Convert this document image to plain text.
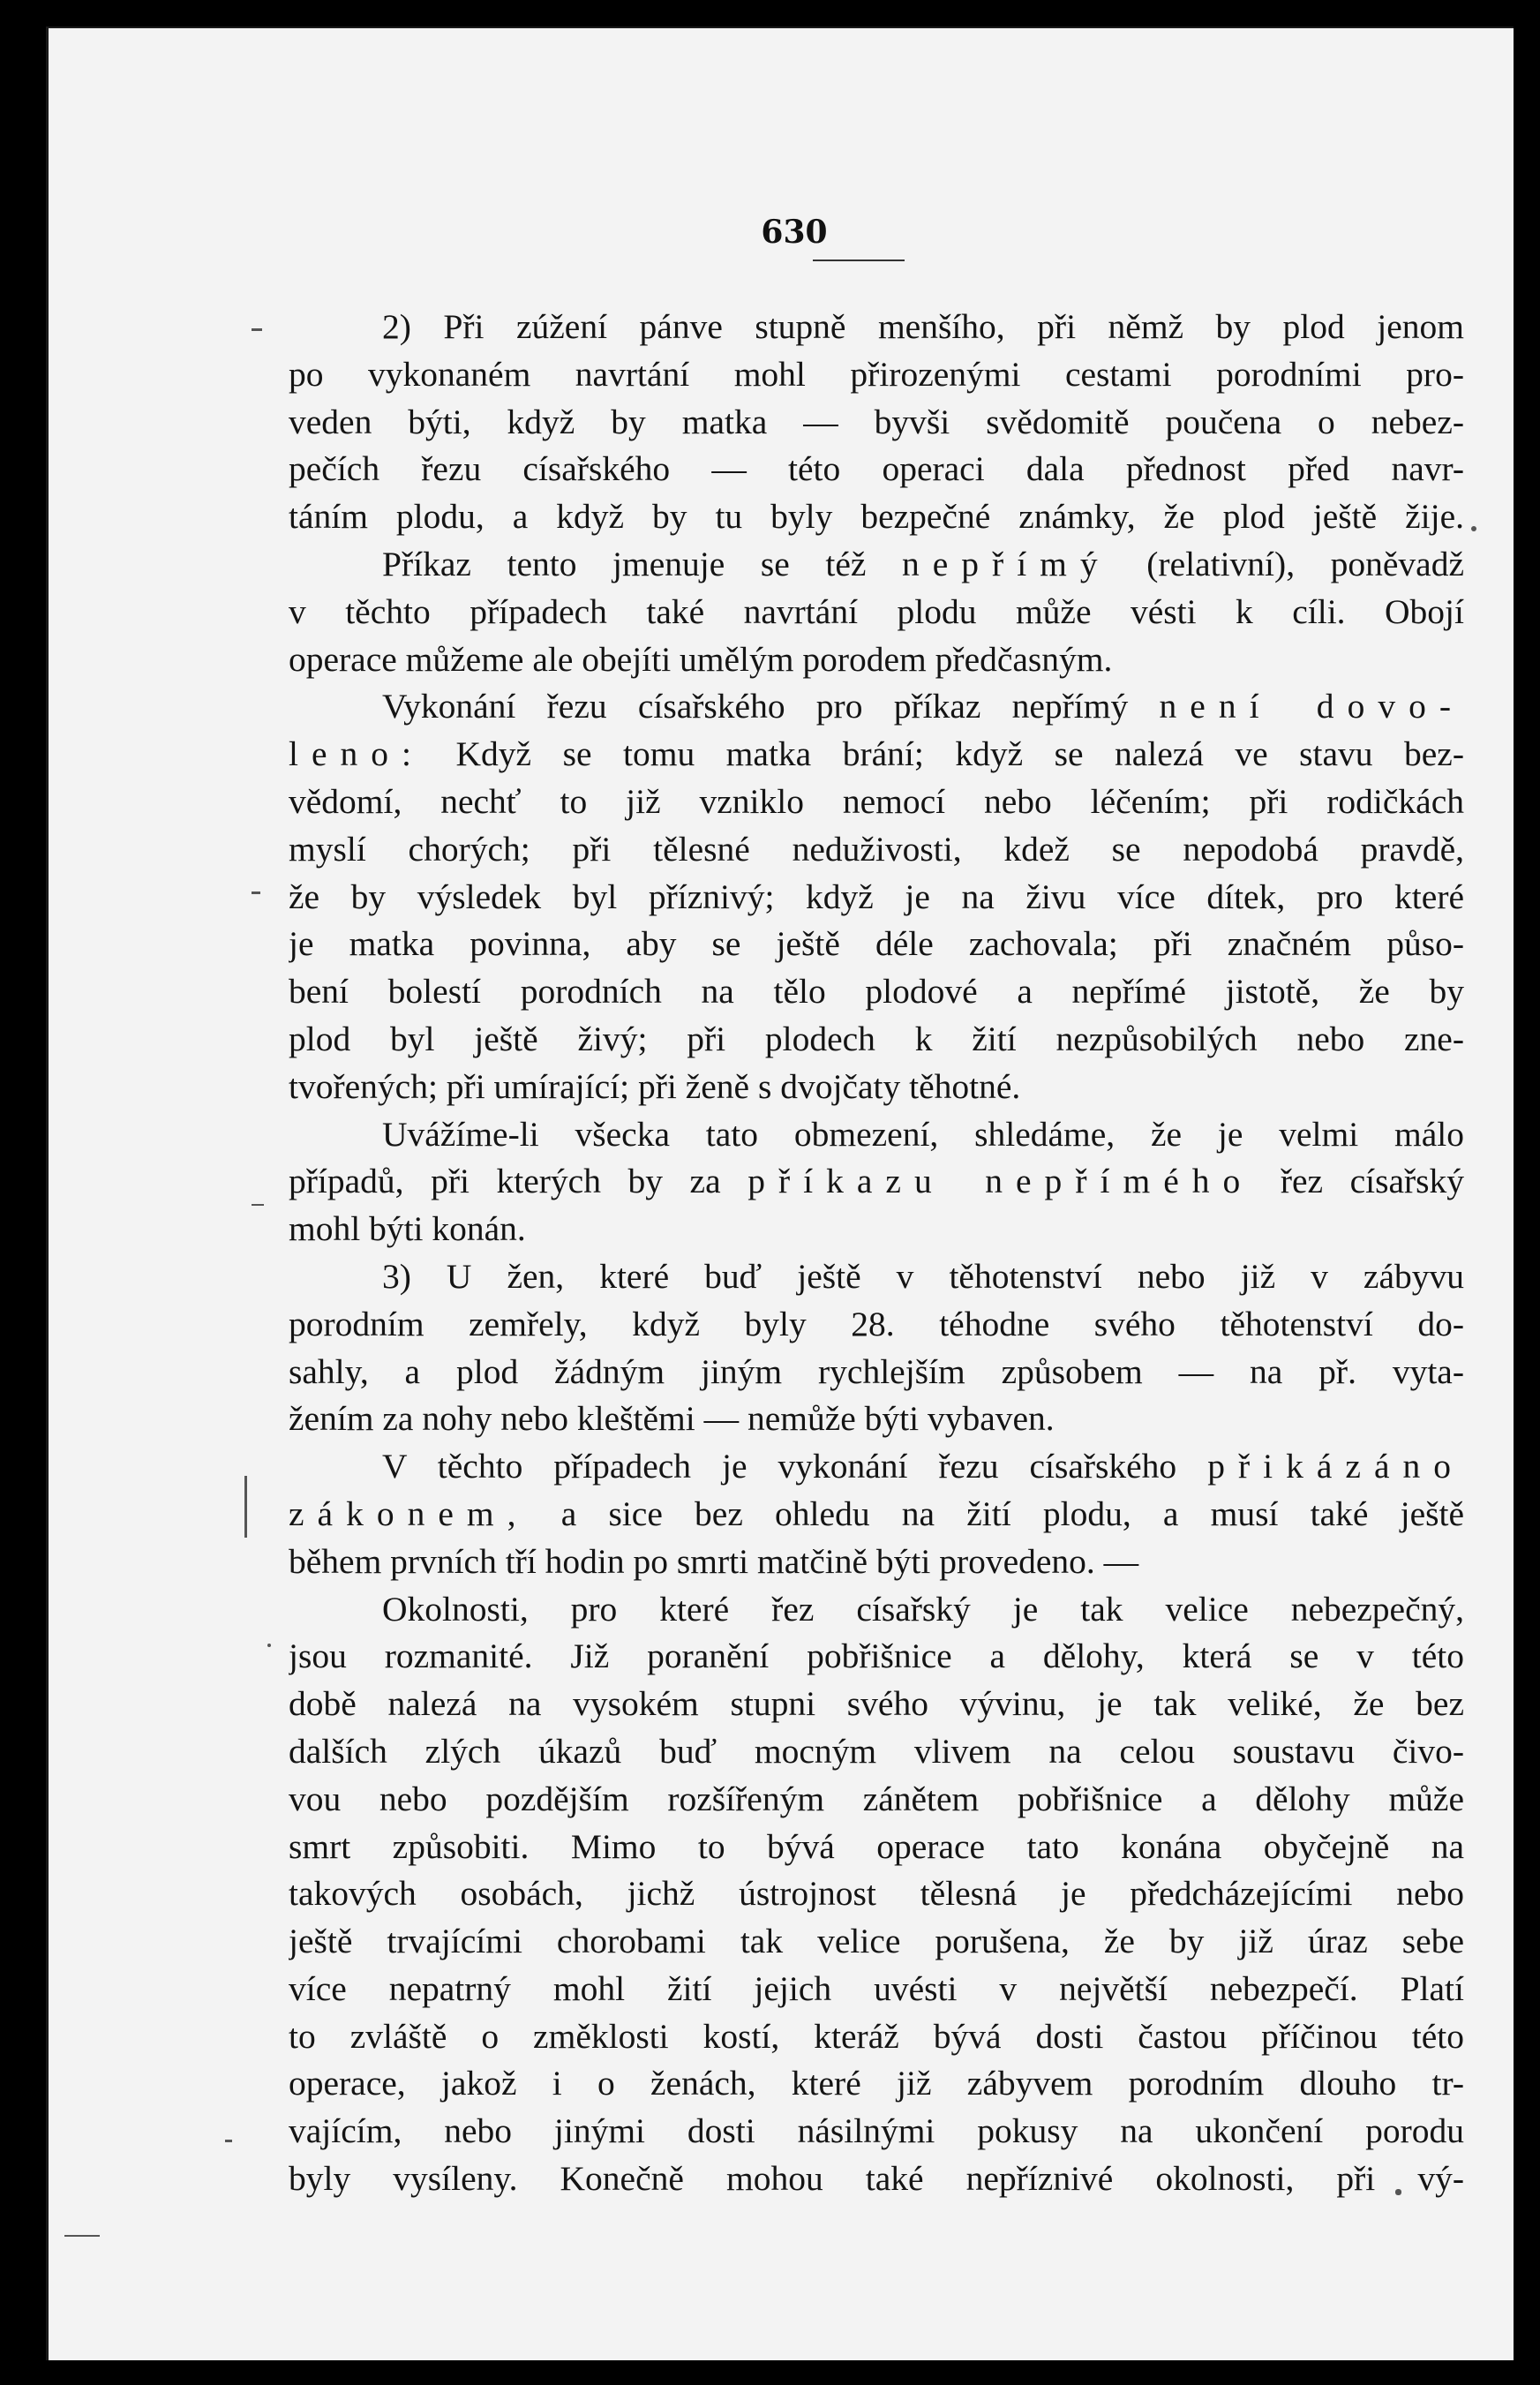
630
2) Při zúžení pánve stupně menšího, při němž by plod jenom
po vykonaném navrtání mohl přirozenými cestami porodními pro-
veden býti, když by matka — byvši svědomitě poučena o nebez-
pečích řezu císařského — této operaci dala přednost před navr-
táním plodu, a když by tu byly bezpečné známky, že plod ještě žije.
Příkaz tento jmenuje se též nepřímý (relativní), poněvadž
v těchto případech také navrtání plodu může vésti k cíli. Obojí
operace můžeme ale obejíti umělým porodem předčasným.
Vykonání řezu císařského pro příkaz nepřímý není dovo-
leno: Když se tomu matka brání; když se nalezá ve stavu bez-
vědomí, nechť to již vzniklo nemocí nebo léčením; při rodičkách
myslí chorých; při tělesné neduživosti, kdež se nepodobá pravdě,
že by výsledek byl příznivý; když je na živu více dítek, pro které
je matka povinna, aby se ještě déle zachovala; při značném půso-
bení bolestí porodních na tělo plodové a nepřímé jistotě, že by
plod byl ještě živý; při plodech k žití nezpůsobilých nebo zne-
tvořených; při umírající; při ženě s dvojčaty těhotné.
Uvážíme-li všecka tato obmezení, shledáme, že je velmi málo
případů, při kterých by za příkazu nepřímého řez císařský
mohl býti konán.
3) U žen, které buď ještě v těhotenství nebo již v zábyvu
porodním zemřely, když byly 28. téhodne svého těhotenství do-
sahly, a plod žádným jiným rychlejším způsobem — na př. vyta-
žením za nohy nebo kleštěmi — nemůže býti vybaven.
V těchto případech je vykonání řezu císařského přikázáno
zákonem, a sice bez ohledu na žití plodu, a musí také ještě
během prvních tří hodin po smrti matčině býti provedeno. —
Okolnosti, pro které řez císařský je tak velice nebezpečný,
jsou rozmanité. Již poranění pobřišnice a dělohy, která se v této
době nalezá na vysokém stupni svého vývinu, je tak veliké, že bez
dalších zlých úkazů buď mocným vlivem na celou soustavu čivo-
vou nebo pozdějším rozšířeným zánětem pobřišnice a dělohy může
smrt způsobiti. Mimo to bývá operace tato konána obyčejně na
takových osobách, jichž ústrojnost tělesná je předcházejícími nebo
ještě trvajícími chorobami tak velice porušena, že by již úraz sebe
více nepatrný mohl žití jejich uvésti v největší nebezpečí. Platí
to zvláště o změklosti kostí, kteráž bývá dosti častou příčinou této
operace, jakož i o ženách, které již zábyvem porodním dlouho tr-
vajícím, nebo jinými dosti násilnými pokusy na ukončení porodu
byly vysíleny. Konečně mohou také nepříznivé okolnosti, při vý-
